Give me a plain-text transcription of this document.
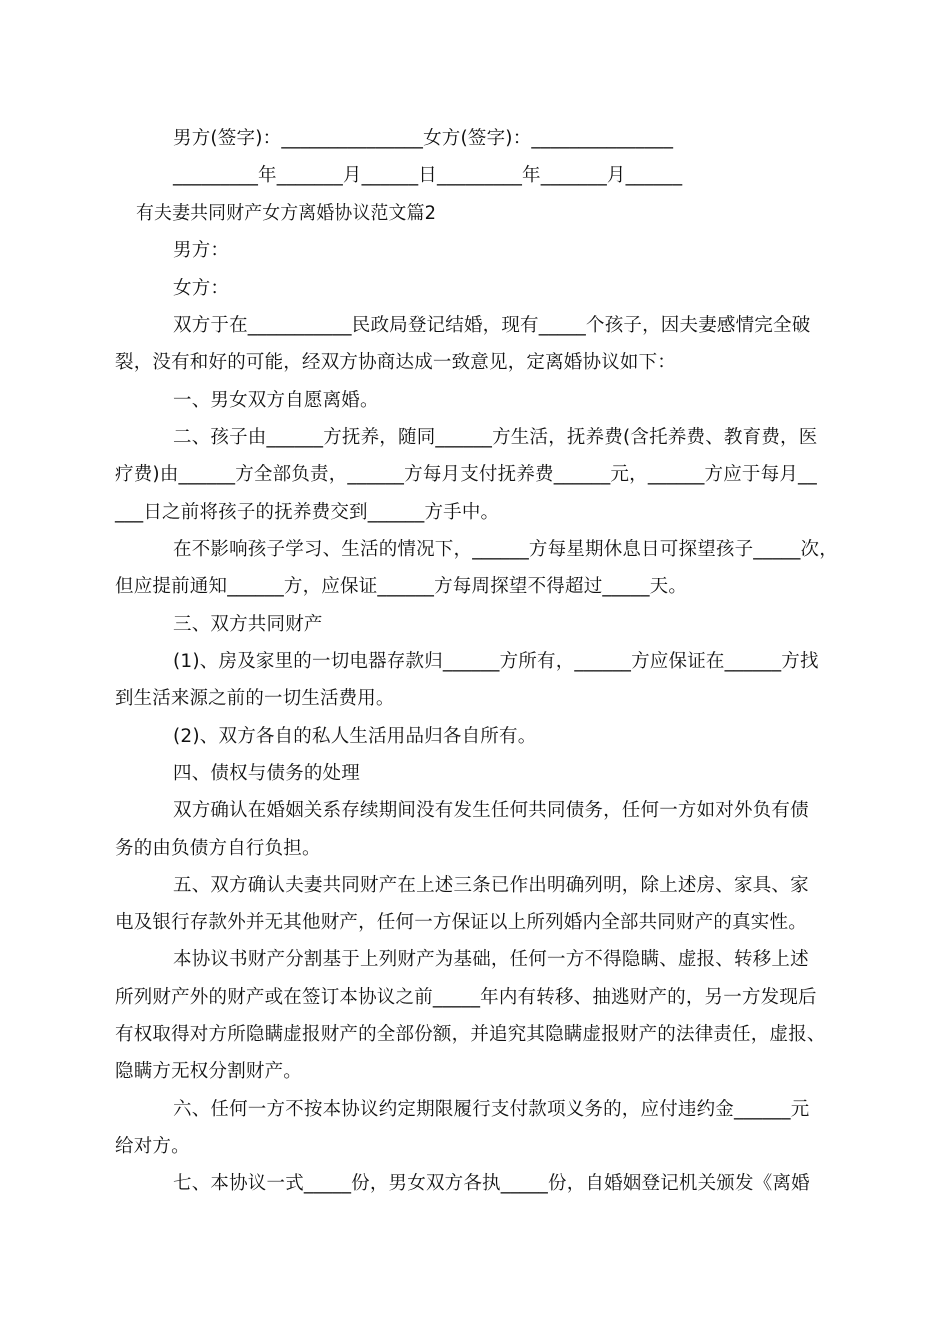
男方(签字)：_______________女方(签字)：_______________
_________年_______月______日_________年_______月______
有夫妻共同财产女方离婚协议范文篇2
男方：
女方：
双方于在___________民政局登记结婚，现有_____个孩子，因夫妻感情完全破
裂，没有和好的可能，经双方协商达成一致意见，定离婚协议如下：
一、男女双方自愿离婚。
二、孩子由______方抚养，随同______方生活，抚养费(含托养费、教育费，医
疗费)由______方全部负责，______方每月支付抚养费______元，______方应于每月__
___日之前将孩子的抚养费交到______方手中。
在不影响孩子学习、生活的情况下，______方每星期休息日可探望孩子_____次，
但应提前通知______方，应保证______方每周探望不得超过_____天。
三、双方共同财产
(1)、房及家里的一切电器存款归______方所有，______方应保证在______方找
到生活来源之前的一切生活费用。
(2)、双方各自的私人生活用品归各自所有。
四、债权与债务的处理
双方确认在婚姻关系存续期间没有发生任何共同债务，任何一方如对外负有债
务的由负债方自行负担。
五、双方确认夫妻共同财产在上述三条已作出明确列明，除上述房、家具、家
电及银行存款外并无其他财产，任何一方保证以上所列婚内全部共同财产的真实性。
本协议书财产分割基于上列财产为基础，任何一方不得隐瞒、虚报、转移上述
所列财产外的财产或在签订本协议之前_____年内有转移、抽逃财产的，另一方发现后
有权取得对方所隐瞒虚报财产的全部份额，并追究其隐瞒虚报财产的法律责任，虚报、
隐瞒方无权分割财产。
六、任何一方不按本协议约定期限履行支付款项义务的，应付违约金______元
给对方。
七、本协议一式_____份，男女双方各执_____份，自婚姻登记机关颁发《离婚
